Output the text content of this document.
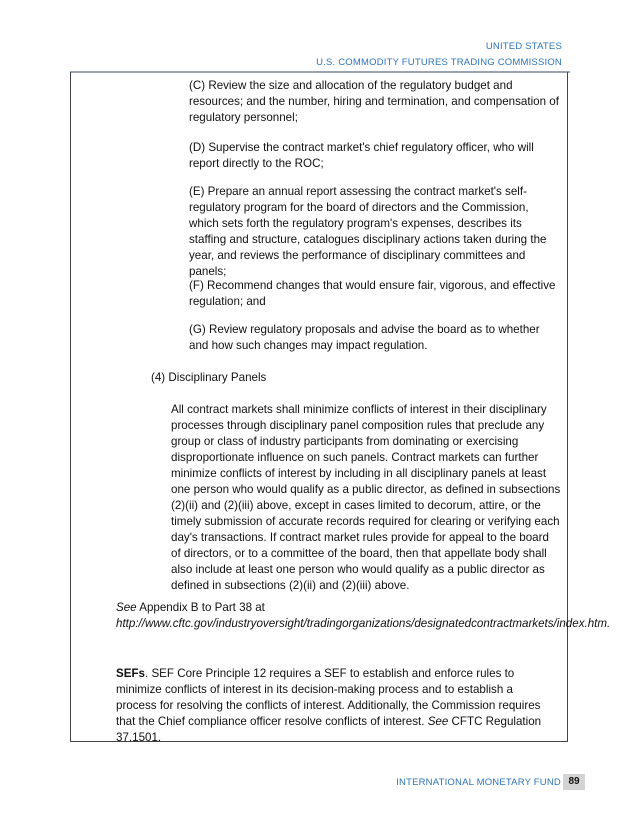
UNITED STATES
U.S. COMMODITY FUTURES TRADING COMMISSION

(C) Review the size and allocation of the regulatory budget and resources; and the number, hiring and termination, and compensation of regulatory personnel;

(D) Supervise the contract market's chief regulatory officer, who will report directly to the ROC;

(E) Prepare an annual report assessing the contract market's self-regulatory program for the board of directors and the Commission, which sets forth the regulatory program's expenses, describes its staffing and structure, catalogues disciplinary actions taken during the year, and reviews the performance of disciplinary committees and panels;

(F) Recommend changes that would ensure fair, vigorous, and effective regulation; and

(G) Review regulatory proposals and advise the board as to whether and how such changes may impact regulation.

(4) Disciplinary Panels

All contract markets shall minimize conflicts of interest in their disciplinary processes through disciplinary panel composition rules that preclude any group or class of industry participants from dominating or exercising disproportionate influence on such panels. Contract markets can further minimize conflicts of interest by including in all disciplinary panels at least one person who would qualify as a public director, as defined in subsections (2)(ii) and (2)(iii) above, except in cases limited to decorum, attire, or the timely submission of accurate records required for clearing or verifying each day's transactions. If contract market rules provide for appeal to the board of directors, or to a committee of the board, then that appellate body shall also include at least one person who would qualify as a public director as defined in subsections (2)(ii) and (2)(iii) above.

See Appendix B to Part 38 at
http://www.cftc.gov/industryoversight/tradingorganizations/designatedcontractmarkets/index.htm.

SEFs. SEF Core Principle 12 requires a SEF to establish and enforce rules to minimize conflicts of interest in its decision-making process and to establish a process for resolving the conflicts of interest. Additionally, the Commission requires that the Chief compliance officer resolve conflicts of interest. See CFTC Regulation 37.1501.

INTERNATIONAL MONETARY FUND 89
